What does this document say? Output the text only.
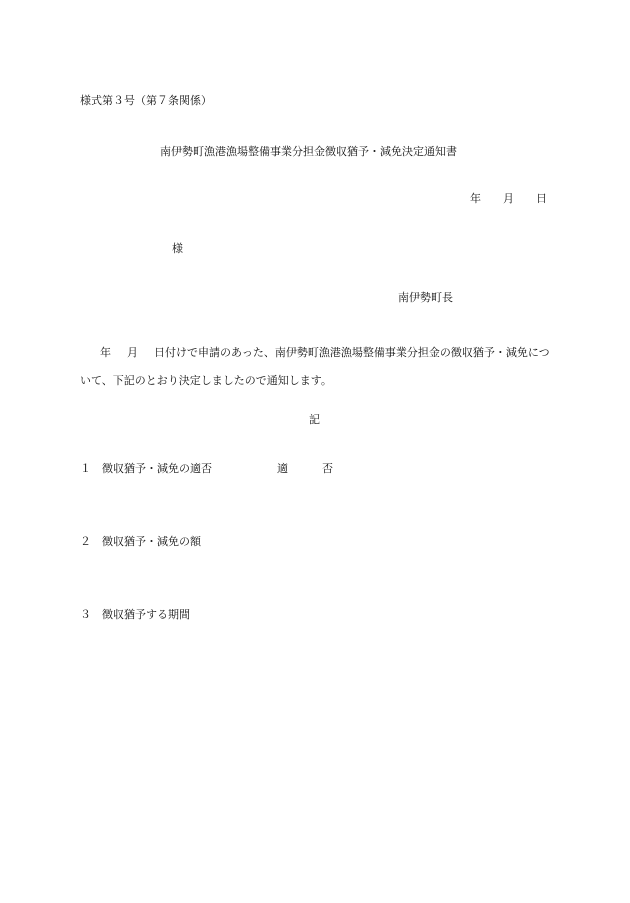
様式第３号（第７条関係）
南伊勢町漁港漁場整備事業分担金徴収猶予・減免決定通知書
年 月 日
様
南伊勢町長
年 月 日付けで申請のあった、南伊勢町漁港漁場整備事業分担金の徴収猶予・減免について、下記のとおり決定しましたので通知します。
記
１ 徴収猶予・減免の適否	適	否
２ 徴収猶予・減免の額
３ 徴収猶予する期間
